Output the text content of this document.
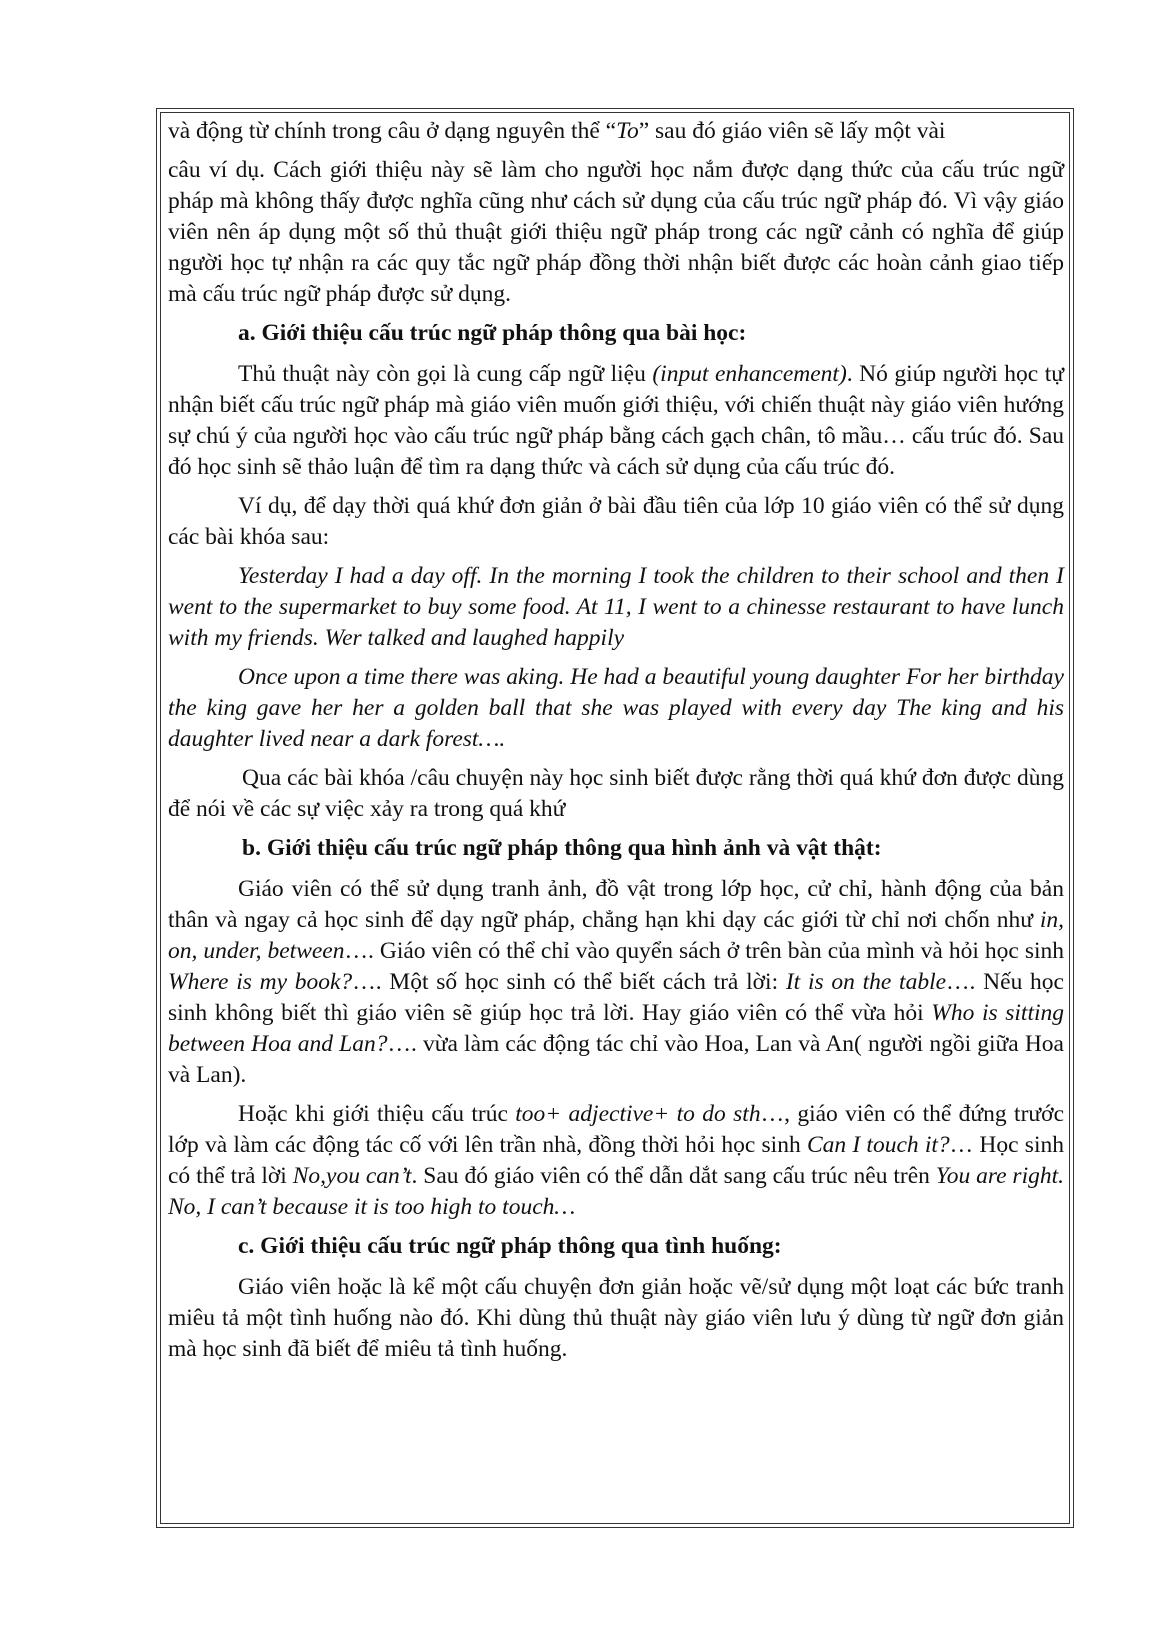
và động từ chính trong câu ở dạng nguyên thể “To” sau đó giáo viên sẽ lấy một vài

câu ví dụ. Cách giới thiệu này sẽ làm cho người học nắm được dạng thức của cấu trúc ngữ pháp mà không thấy được nghĩa cũng như cách sử dụng của cấu trúc ngữ pháp đó. Vì vậy giáo viên nên áp dụng một số thủ thuật giới thiệu ngữ pháp trong các ngữ cảnh có nghĩa để giúp người học tự nhận ra các quy tắc ngữ pháp đồng thời nhận biết được các hoàn cảnh giao tiếp mà cấu trúc ngữ pháp được sử dụng.

a. Giới thiệu cấu trúc ngữ pháp thông qua bài học:

Thủ thuật này còn gọi là cung cấp ngữ liệu (input enhancement). Nó giúp người học tự nhận biết cấu trúc ngữ pháp mà giáo viên muốn giới thiệu, với chiến thuật này giáo viên hướng sự chú ý của người học vào cấu trúc ngữ pháp bằng cách gạch chân, tô mầu… cấu trúc đó. Sau đó học sinh sẽ thảo luận để tìm ra dạng thức và cách sử dụng của cấu trúc đó.

Ví dụ, để dạy thời quá khứ đơn giản ở bài đầu tiên của lớp 10 giáo viên có thể sử dụng các bài khóa sau:

Yesterday I had a day off. In the morning I took the children to their school and then I went to the supermarket to buy some food. At 11, I went to a chinesse restaurant to have lunch with my friends. Wer talked and laughed happily

Once upon a time there was aking. He had a beautiful young daughter For her birthday the king gave her her a golden ball that she was played with every day The king and his daughter lived near a dark forest….

Qua các bài khóa /câu chuyện này học sinh biết được rằng thời quá khứ đơn được dùng để nói về các sự việc xảy ra trong quá khứ

b. Giới thiệu cấu trúc ngữ pháp thông qua hình ảnh và vật thật:

Giáo viên có thể sử dụng tranh ảnh, đồ vật trong lớp học, cử chỉ, hành động của bản thân và ngay cả học sinh để dạy ngữ pháp, chẳng hạn khi dạy các giới từ chỉ nơi chốn như in, on, under, between…. Giáo viên có thể chỉ vào quyển sách ở trên bàn của mình và hỏi học sinh Where is my book?…. Một số học sinh có thể biết cách trả lời: It is on the table…. Nếu học sinh không biết thì giáo viên sẽ giúp học trả lời. Hay giáo viên có thể vừa hỏi Who is sitting between Hoa and Lan?…. vừa làm các động tác chỉ vào Hoa, Lan và An( người ngồi giữa Hoa và Lan).

Hoặc khi giới thiệu cấu trúc too+ adjective+ to do sth…, giáo viên có thể đứng trước lớp và làm các động tác cố với lên trần nhà, đồng thời hỏi học sinh Can I touch it?… Học sinh có thể trả lời No,you can’t. Sau đó giáo viên có thể dẫn dắt sang cấu trúc nêu trên You are right. No, I can’t because it is too high to touch…

c. Giới thiệu cấu trúc ngữ pháp thông qua tình huống:

Giáo viên hoặc là kể một cấu chuyện đơn giản hoặc vẽ/sử dụng một loạt các bức tranh miêu tả một tình huống nào đó. Khi dùng thủ thuật này giáo viên lưu ý dùng từ ngữ đơn giản mà học sinh đã biết để miêu tả tình huống.
